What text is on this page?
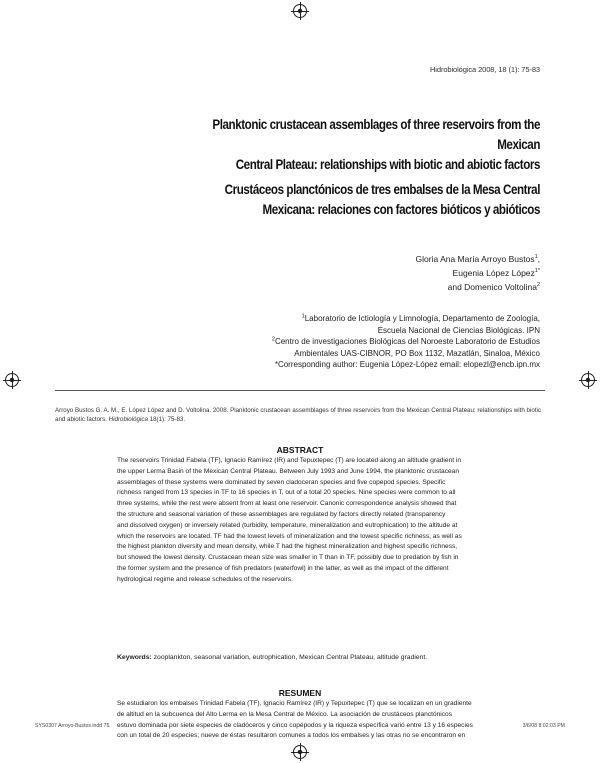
Hidrobiológica 2008, 18 (1): 75-83
Planktonic crustacean assemblages of three reservoirs from the Mexican
Central Plateau: relationships with biotic and abiotic factors
Crustáceos planctónicos de tres embalses de la Mesa Central
Mexicana: relaciones con factores bióticos y abióticos
Gloria Ana María Arroyo Bustos$^1$,
Eugenia López López$^{1*}$
and Domenico Voltolina$^2$
$^1$Laboratorio de Ictiología y Limnología, Departamento de Zoología,
Escuela Nacional de Ciencias Biológicas. IPN
$^2$Centro de investigaciones Biológicas del Noroeste Laboratorio de Estudios
Ambientales UAS-CIBNOR, PO Box 1132, Mazatlán, Sinaloa, México
*Corresponding author: Eugenia López-López email: elopezl@encb.ipn.mx
Arroyo Bustos G. A. M., E. López López and D. Voltolina. 2008. Planktonic crustacean assemblages of three reservoirs from the Mexican Central Plateau: relationships with biotic and abiotic factors. Hidrobiológica 18(1): 75-83.
ABSTRACT
The reservoirs Trinidad Fabela (TF), Ignacio Ramírez (IR) and Tepuxtepec (T) are located along an altitude gradient in
the upper Lerma Basin of the Mexican Central Plateau. Between July 1993 and June 1994, the planktonic crustacean
assemblages of these systems were dominated by seven cladoceran species and five copepod species. Specific
richness ranged from 13 species in TF to 16 species in T, out of a total 20 species. Nine species were common to all
three systems, while the rest were absent from at least one reservoir. Canonic correspondence analysis showed that
the structure and seasonal variation of these assemblages are regulated by factors directly related (transparency
and dissolved oxygen) or inversely related (turbidity, temperature, mineralization and eutrophication) to the altitude at
which the reservoirs are located. TF had the lowest levels of mineralization and the lowest specific richness, as well as
the highest plankton diversity and mean density, while T had the highest mineralization and highest specific richness,
but showed the lowest density. Crustacean mean size was smaller in T than in TF, possibly due to predation by fish in
the former system and the presence of fish predators (waterfowl) in the latter, as well as the impact of the different
hydrological regime and release schedules of the reservoirs.
Keywords: zooplankton, seasonal variation, eutrophication, Mexican Central Plateau, altitude gradient.
RESUMEN
Se estudiaron los embalses Trinidad Fabela (TF), Ignacio Ramírez (IR) y Tepuxtepec (T) que se localizan en un gradiente
de altitud en la subcuenca del Alto Lerma en la Mesa Central de México. La asociación de crustáceos planctónicos
estuvo dominada por siete especies de cladóceros y cinco copépodos y la riqueza específica varió entre 13 y 16 especies
con un total de 20 especies; nueve de éstas resultaron comunes a todos los embalses y las otras no se encontraron en
SYS0307 Arroyo-Bustos.indd 75	3/6/08 8:02:03 PM
